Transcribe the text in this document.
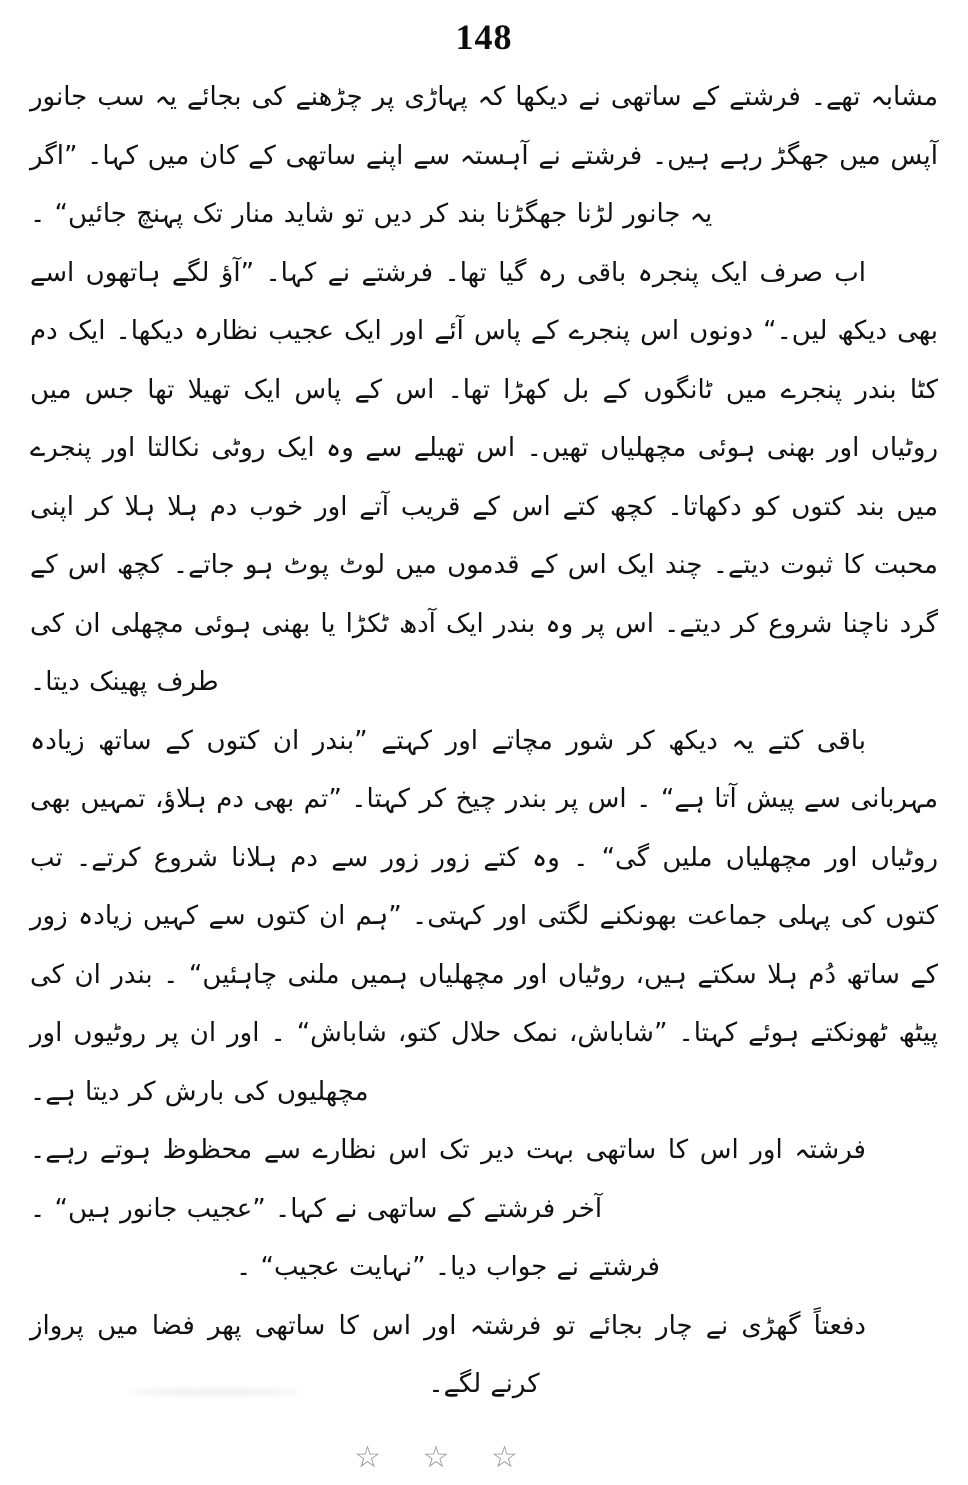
148

مشابہ تھے۔ فرشتے کے ساتھی نے دیکھا کہ پہاڑی پر چڑھنے کی بجائے یہ سب جانور آپس میں جھگڑ رہے ہیں۔ فرشتے نے آہستہ سے اپنے ساتھی کے کان میں کہا۔ ”اگر یہ جانور لڑنا جھگڑنا بند کر دیں تو شاید منار تک پہنچ جائیں“ ۔

اب صرف ایک پنجرہ باقی رہ گیا تھا۔ فرشتے نے کہا۔ ”آؤ لگے ہاتھوں اسے بھی دیکھ لیں۔“ دونوں اس پنجرے کے پاس آئے اور ایک عجیب نظارہ دیکھا۔ ایک دم کٹا بندر پنجرے میں ٹانگوں کے بل کھڑا تھا۔ اس کے پاس ایک تھیلا تھا جس میں روٹیاں اور بھنی ہوئی مچھلیاں تھیں۔ اس تھیلے سے وہ ایک روٹی نکالتا اور پنجرے میں بند کتوں کو دکھاتا۔ کچھ کتے اس کے قریب آتے اور خوب دم ہلا ہلا کر اپنی محبت کا ثبوت دیتے۔ چند ایک اس کے قدموں میں لوٹ پوٹ ہو جاتے۔ کچھ اس کے گرد ناچنا شروع کر دیتے۔ اس پر وہ بندر ایک آدھ ٹکڑا یا بھنی ہوئی مچھلی ان کی طرف پھینک دیتا۔

باقی کتے یہ دیکھ کر شور مچاتے اور کہتے ”بندر ان کتوں کے ساتھ زیادہ مہربانی سے پیش آتا ہے“ ۔ اس پر بندر چیخ کر کہتا۔ ”تم بھی دم ہلاؤ، تمہیں بھی روٹیاں اور مچھلیاں ملیں گی“ ۔ وہ کتے زور زور سے دم ہلانا شروع کرتے۔ تب کتوں کی پہلی جماعت بھونکنے لگتی اور کہتی۔ ”ہم ان کتوں سے کہیں زیادہ زور کے ساتھ دُم ہلا سکتے ہیں، روٹیاں اور مچھلیاں ہمیں ملنی چاہئیں“ ۔ بندر ان کی پیٹھ ٹھونکتے ہوئے کہتا۔ ”شاباش، نمک حلال کتو، شاباش“ ۔ اور ان پر روٹیوں اور مچھلیوں کی بارش کر دیتا ہے۔

فرشتہ اور اس کا ساتھی بہت دیر تک اس نظارے سے محظوظ ہوتے رہے۔ آخر فرشتے کے ساتھی نے کہا۔ ”عجیب جانور ہیں“ ۔

فرشتے نے جواب دیا۔ ”نہایت عجیب“ ۔

دفعتاً گھڑی نے چار بجائے تو فرشتہ اور اس کا ساتھی پھر فضا میں پرواز کرنے لگے۔

☆ ☆ ☆
